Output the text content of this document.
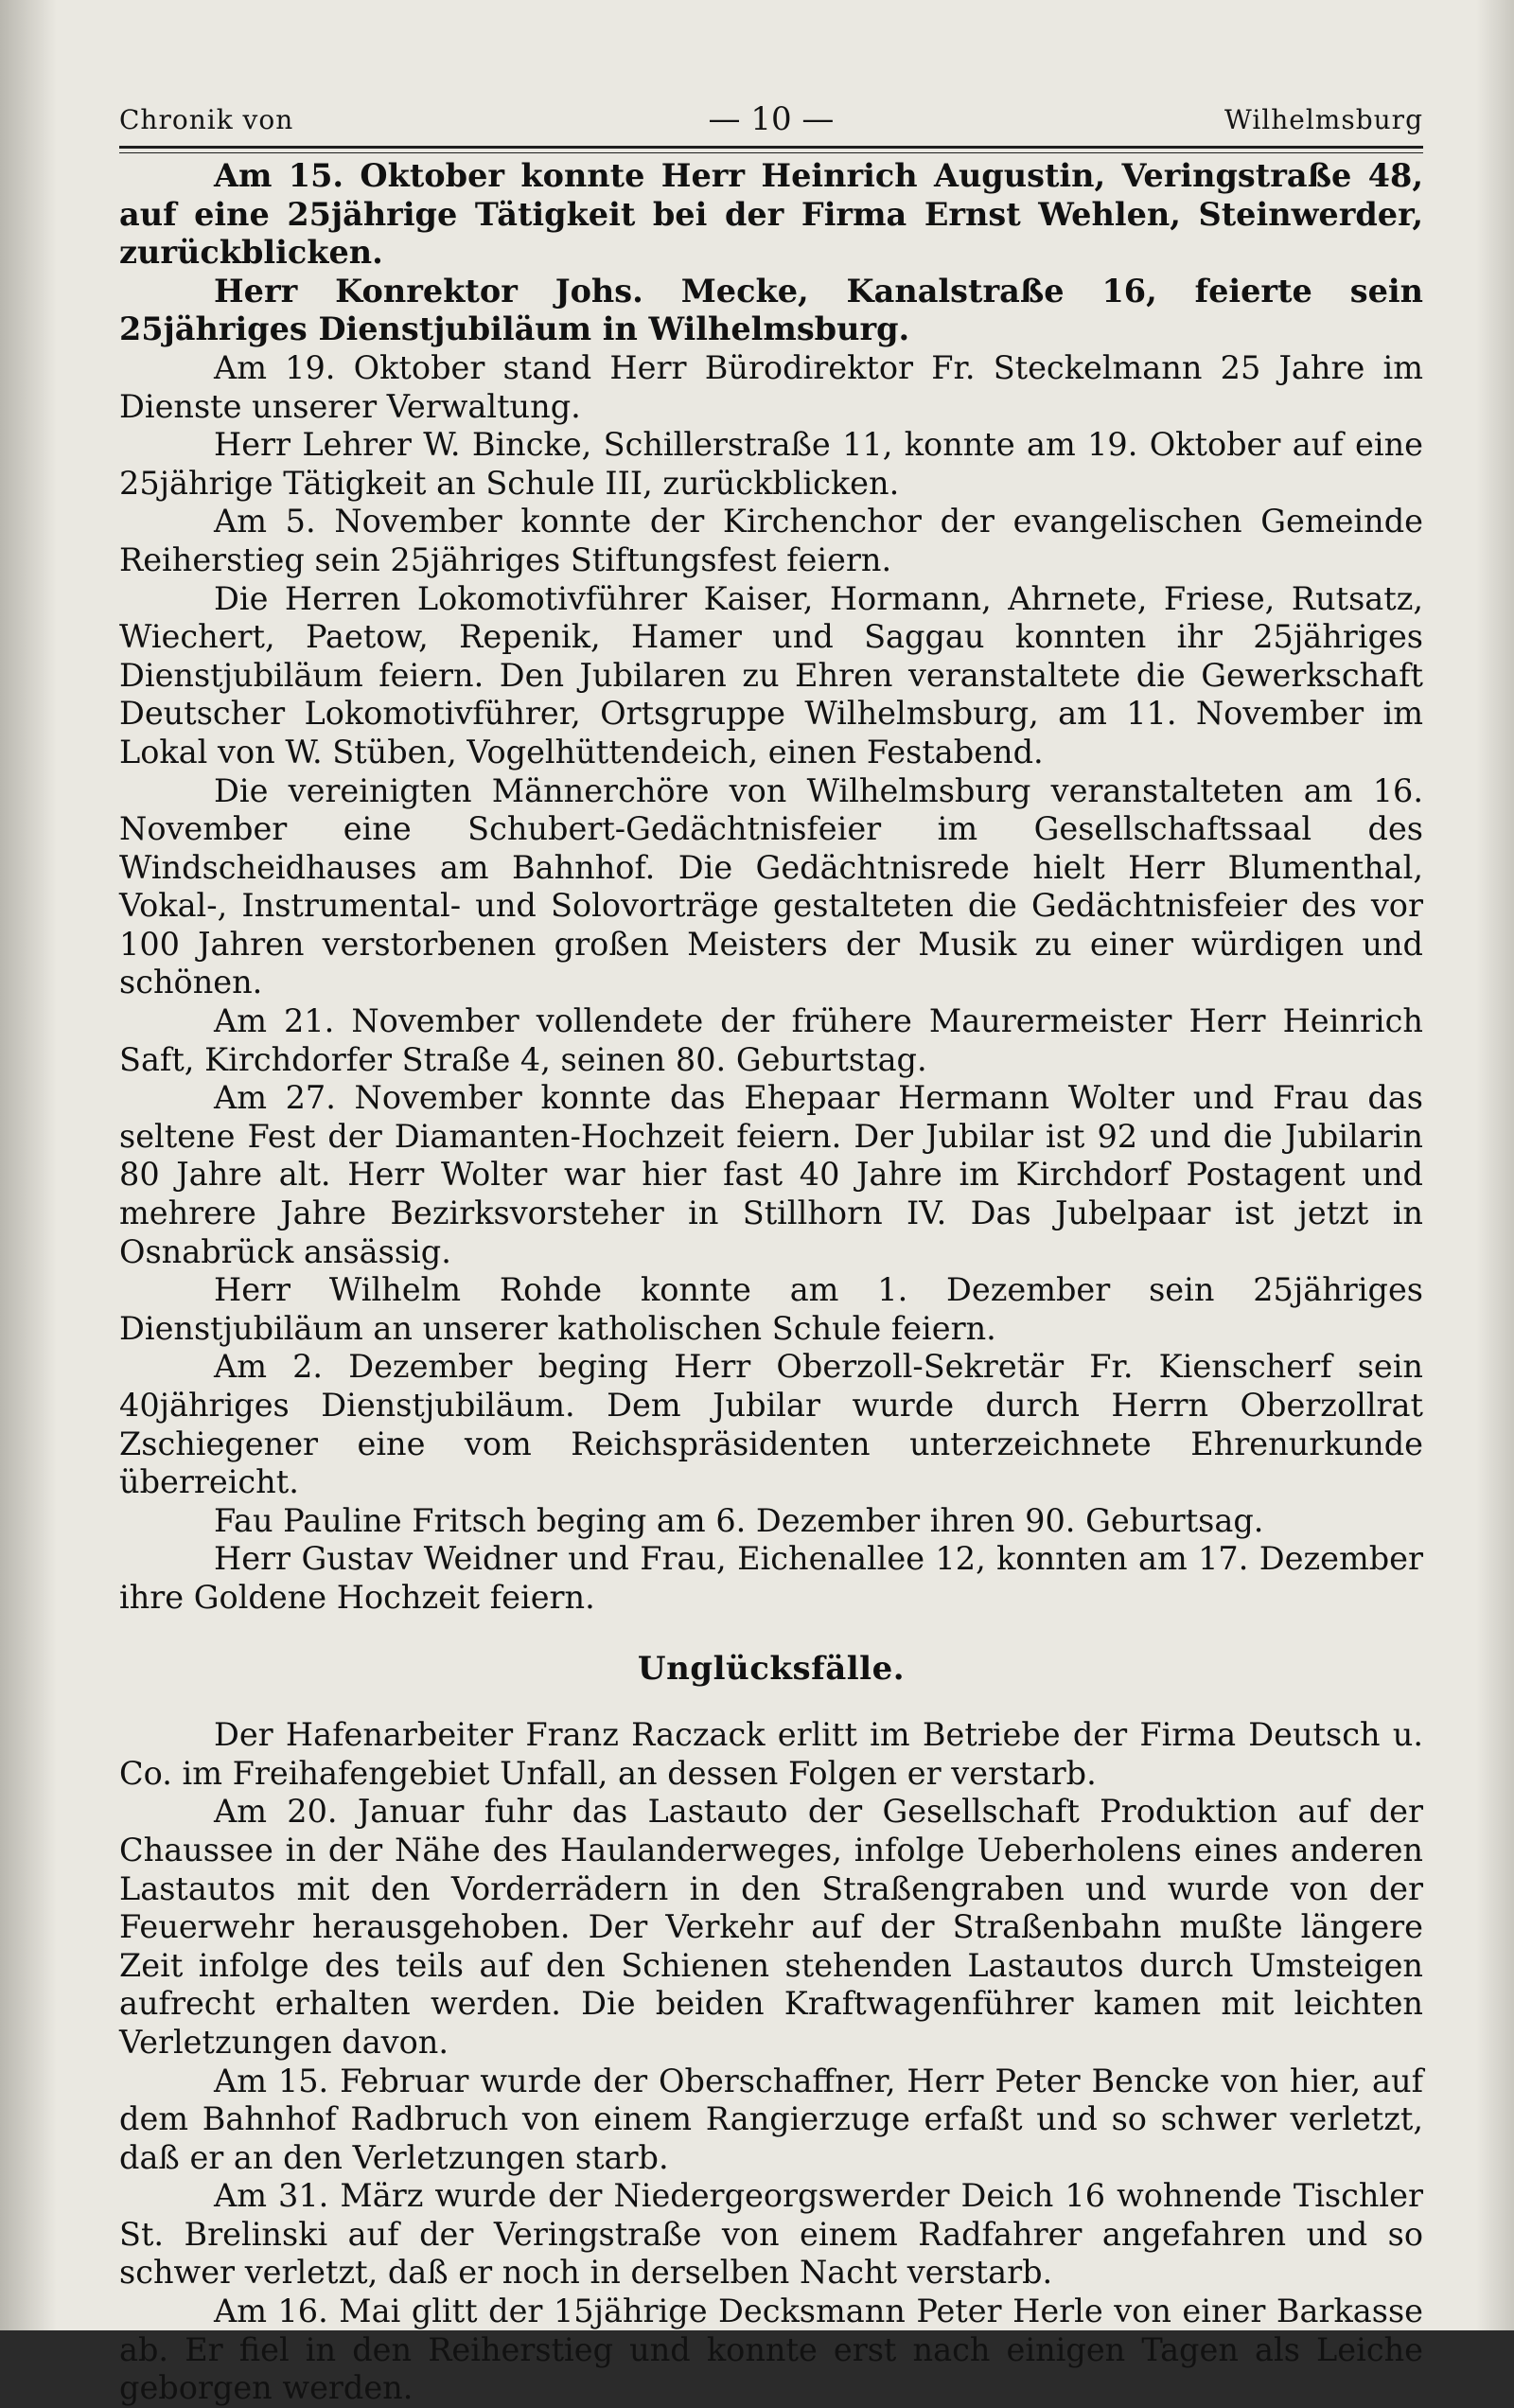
Chronik von	— 10 —	Wilhelmsburg

Am 15. Oktober konnte Herr Heinrich Augustin, Veringstraße 48, auf eine 25jährige Tätigkeit bei der Firma Ernst Wehlen, Steinwerder, zurückblicken.

Herr Konrektor Johs. Mecke, Kanalstraße 16, feierte sein 25jähriges Dienstjubiläum in Wilhelmsburg.

Am 19. Oktober stand Herr Bürodirektor Fr. Steckelmann 25 Jahre im Dienste unserer Verwaltung.

Herr Lehrer W. Bincke, Schillerstraße 11, konnte am 19. Oktober auf eine 25jährige Tätigkeit an Schule III, zurückblicken.

Am 5. November konnte der Kirchenchor der evangelischen Gemeinde Reiherstieg sein 25jähriges Stiftungsfest feiern.

Die Herren Lokomotivführer Kaiser, Hormann, Ahrnete, Friese, Rutsatz, Wiechert, Paetow, Repenik, Hamer und Saggau konnten ihr 25jähriges Dienstjubiläum feiern. Den Jubilaren zu Ehren veranstaltete die Gewerkschaft Deutscher Lokomotivführer, Ortsgruppe Wilhelmsburg, am 11. November im Lokal von W. Stüben, Vogelhüttendeich, einen Festabend.

Die vereinigten Männerchöre von Wilhelmsburg veranstalteten am 16. November eine Schubert-Gedächtnisfeier im Gesellschaftssaal des Windscheidhauses am Bahnhof. Die Gedächtnisrede hielt Herr Blumenthal, Vokal-, Instrumental- und Solovorträge gestalteten die Gedächtnisfeier des vor 100 Jahren verstorbenen großen Meisters der Musik zu einer würdigen und schönen.

Am 21. November vollendete der frühere Maurermeister Herr Heinrich Saft, Kirchdorfer Straße 4, seinen 80. Geburtstag.

Am 27. November konnte das Ehepaar Hermann Wolter und Frau das seltene Fest der Diamanten-Hochzeit feiern. Der Jubilar ist 92 und die Jubilarin 80 Jahre alt. Herr Wolter war hier fast 40 Jahre im Kirchdorf Postagent und mehrere Jahre Bezirksvorsteher in Stillhorn IV. Das Jubelpaar ist jetzt in Osnabrück ansässig.

Herr Wilhelm Rohde konnte am 1. Dezember sein 25jähriges Dienstjubiläum an unserer katholischen Schule feiern.

Am 2. Dezember beging Herr Oberzoll-Sekretär Fr. Kienscherf sein 40jähriges Dienstjubiläum. Dem Jubilar wurde durch Herrn Oberzollrat Zschiegener eine vom Reichspräsidenten unterzeichnete Ehrenurkunde überreicht.

Fau Pauline Fritsch beging am 6. Dezember ihren 90. Geburtsag.

Herr Gustav Weidner und Frau, Eichenallee 12, konnten am 17. Dezember ihre Goldene Hochzeit feiern.

Unglücksfälle.

Der Hafenarbeiter Franz Raczack erlitt im Betriebe der Firma Deutsch u. Co. im Freihafengebiet Unfall, an dessen Folgen er verstarb.

Am 20. Januar fuhr das Lastauto der Gesellschaft Produktion auf der Chaussee in der Nähe des Haulanderweges, infolge Ueberholens eines anderen Lastautos mit den Vorderrädern in den Straßengraben und wurde von der Feuerwehr herausgehoben. Der Verkehr auf der Straßenbahn mußte längere Zeit infolge des teils auf den Schienen stehenden Lastautos durch Umsteigen aufrecht erhalten werden. Die beiden Kraftwagenführer kamen mit leichten Verletzungen davon.

Am 15. Februar wurde der Oberschaffner, Herr Peter Bencke von hier, auf dem Bahnhof Radbruch von einem Rangierzuge erfaßt und so schwer verletzt, daß er an den Verletzungen starb.

Am 31. März wurde der Niedergeorgswerder Deich 16 wohnende Tischler St. Brelinski auf der Veringstraße von einem Radfahrer angefahren und so schwer verletzt, daß er noch in derselben Nacht verstarb.

Am 16. Mai glitt der 15jährige Decksmann Peter Herle von einer Barkasse ab. Er fiel in den Reiherstieg und konnte erst nach einigen Tagen als Leiche geborgen werden.
